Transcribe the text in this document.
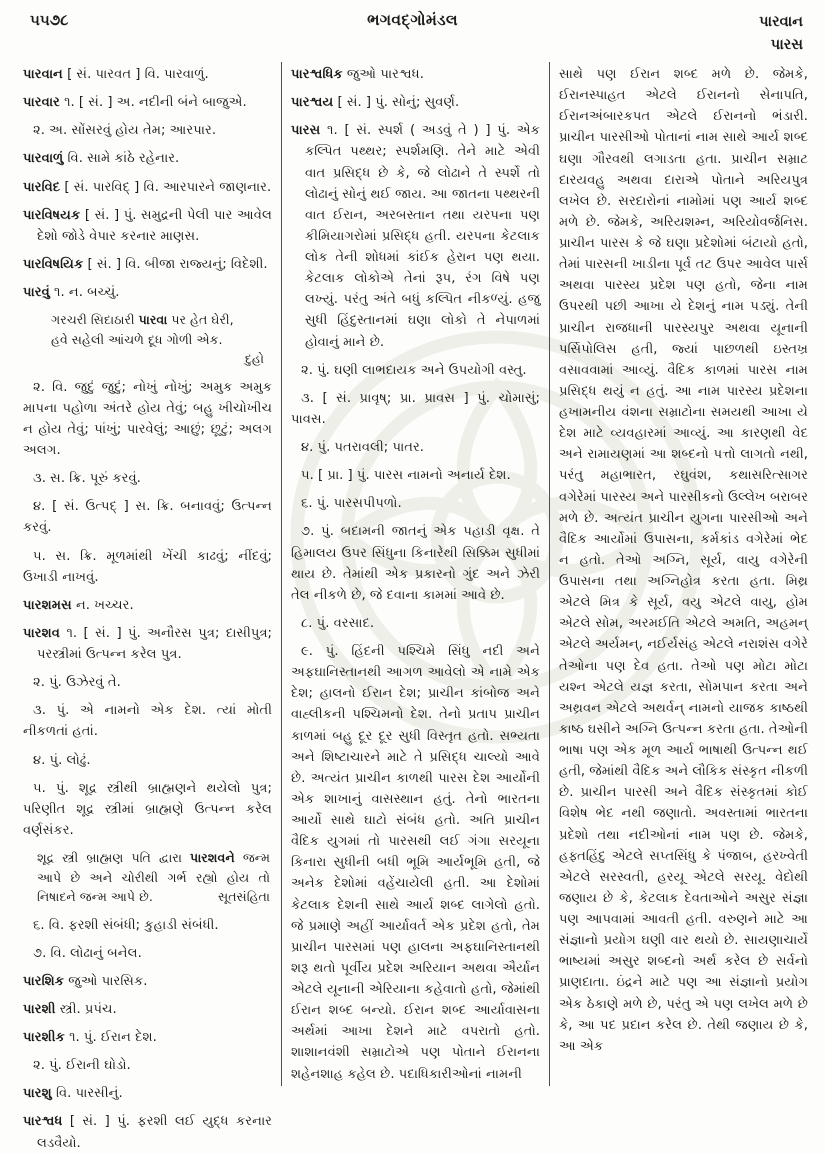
૫૫૭૮	ભગવદ્ગોમંડલ	પારવાન
પારસ

પારવાન [ સં. પારવત ] વિ. પારવાળું.

પારવાર ૧. [ સં. ] અ. નદીની બંને બાજુએ.

૨. અ. સોંસરવું હોય તેમ; આરપાર.

પારવાળું વિ. સામે કાંઠે રહેનાર.

પારવિદ [ સં. પારવિદ્ ] વિ. આરપારને જાણનાર.

પારવિષયક [ સં. ] પું. સમુદ્રની પેલી પાર આવેલ દેશો જોડે વેપાર કરનાર માણસ.

પારવિષયિક [ સં. ] વિ. બીજા રાજ્યનું; વિદેશી.

પારવું ૧. ન. બચ્ચું.

ગરચરી સિદાઠારી પારવા પર હેત ઘેરી,
હવે સહેલી આંચળે દૂધ ગોળી એક.
દુહો

૨. વિ. જુદું જુદું; નોખું નોખું; અમુક અમુક માપના પહોળા અંતરે હોય તેવું; બહુ ખીચોખીચ ન હોય તેવું; પાંખું; પારવેલું; આછું; છૂટું; અલગ અલગ.

૩. સ. ક્રિ. પૂરું કરવું.

૪. [ સં. ઉત્પદ્ ] સ. ક્રિ. બનાવવું; ઉત્પન્ન કરવું.

૫. સ. ક્રિ. મૂળમાંથી ખેંચી કાઢવું; નીંદવું; ઉખાડી નાખવું.

પારશમસ ન. ખચ્ચર.

પારશવ ૧. [ સં. ] પું. અનૌરસ પુત્ર; દાસીપુત્ર; પરસ્ત્રીમાં ઉત્પન્ન કરેલ પુત્ર.

૨. પું. ઉઝેરવું તે.

૩. પું. એ નામનો એક દેશ. ત્યાં મોતી નીકળતાં હતાં.

૪. પું. લોઢું.

૫. પું. શૂદ્ર સ્ત્રીથી બ્રાહ્મણને થયેલો પુત્ર; પરિણીત શૂદ્ર સ્ત્રીમાં બ્રાહ્મણે ઉત્પન્ન કરેલ વર્ણસંકર.

શૂદ્ર સ્ત્રી બ્રાહ્મણ પતિ દ્વારા પારશવને જન્મ આપે છે અને ચોરીથી ગર્ભ રહ્યો હોય તો નિષાદને જન્મ આપે છે.	સૂતસંહિતા

૬. વિ. ફરશી સંબંધી; કુહાડી સંબંધી.

૭. વિ. લોઢાનું બનેલ.

પારશિક જુઓ પારસિક.

પારશી સ્ત્રી. પ્રપંચ.

પારશીક ૧. પું. ઈરાન દેશ.

૨. પું. ઈરાની ઘોડો.

પારશુ વિ. પારસીનું.

પારશ્વધ [ સં. ] પું. ફરશી લઈ યુદ્ધ કરનાર લડવૈયો.

પારશ્વધિક જુઓ પારશ્વધ.

પારશ્વય [ સં. ] પું. સોનું; સુવર્ણ.

પારસ ૧. [ સં. સ્પર્શ ( અડવું તે ) ] પું. એક કલ્પિત પથ્થર; સ્પર્શમણિ. તેને માટે એવી વાત પ્રસિદ્ધ છે કે, જે લોઢાને તે સ્પર્શે તો લોઢાનું સોનું થઈ જાય. આ જાતના પથ્થરની વાત ઈરાન, અરબસ્તાન તથા યરપના પણ કીમિયાગરોમાં પ્રસિદ્ધ હતી. યરપના કેટલાક લોક તેની શોધમાં કાંઈક હેરાન પણ થયા. કેટલાક લોકોએ તેનાં રૂપ, રંગ વિષે પણ લખ્યું. પરંતુ અંતે બધું કલ્પિત નીકળ્યું. હજુ સુધી હિંદુસ્તાનમાં ઘણા લોકો તે નેપાળમાં હોવાનું માને છે.

૨. પું. ઘણી લાભદાયક અને ઉપયોગી વસ્તુ.

૩. [ સં. પ્રાવૃષ્; પ્રા. પ્રાવસ ] પું. ચોમાસું; પાવસ.

૪. પું. પતરાવલી; પાતર.

૫. [ પ્રા. ] પું. પારસ નામનો અનાર્ય દેશ.

૬. પું. પારસપીપળો.

૭. પું. બદામની જાતનું એક પહાડી વૃક્ષ. તે હિમાલય ઉપર સિંધુના કિનારેથી સિક્કિમ સુધીમાં થાય છે. તેમાંથી એક પ્રકારનો ગુંદ અને ઝેરી તેલ નીકળે છે, જે દવાના કામમાં આવે છે.

૮. પું. વરસાદ.

૯. પું. હિંદની પશ્ચિમે સિંધુ નદી અને અફઘાનિસ્તાનથી આગળ આવેલો એ નામે એક દેશ; હાલનો ઈરાન દેશ; પ્રાચીન કાંબોજ અને વાહ્લીકની પશ્ચિમનો દેશ. તેનો પ્રતાપ પ્રાચીન કાળમાં બહુ દૂર દૂર સુધી વિસ્તૃત હતો. સભ્યતા અને શિષ્ટાચારને માટે તે પ્રસિદ્ધ ચાલ્યો આવે છે. અત્યંત પ્રાચીન કાળથી પારસ દેશ આર્યોની એક શાખાનું વાસસ્થાન હતું. તેનો ભારતના આર્યો સાથે ઘાટો સંબંધ હતો. અતિ પ્રાચીન વૈદિક યુગમાં તો પારસથી લઈ ગંગા સરયૂના કિનારા સુધીની બધી ભૂમિ આર્યભૂમિ હતી, જે અનેક દેશોમાં વહેંચાયેલી હતી. આ દેશોમાં કેટલાક દેશની સાથે આર્ય શબ્દ લાગેલો હતો. જે પ્રમાણે અહીં આર્યાવર્ત એક પ્રદેશ હતો, તેમ પ્રાચીન પારસમાં પણ હાલના અફઘાનિસ્તાનથી શરૂ થતો પૂર્વીય પ્રદેશ અરિયાન અથવા ઐર્યાન એટલે યૂનાની એરિયાના કહેવાતો હતો, જેમાંથી ઈરાન શબ્દ બન્યો. ઈરાન શબ્દ આર્યાવાસના અર્થમાં આખા દેશને માટે વપરાતો હતો. શાશાનવંશી સમ્રાટોએ પણ પોતાને ઈરાનના શહેનશાહ કહેલ છે. પદાધિકારીઓનાં નામની

સાથે પણ ઈરાન શબ્દ મળે છે. જેમકે, ઈરાનસ્પાહત એટલે ઈરાનનો સેનાપતિ, ઈરાનઅંબારકપત એટલે ઈરાનનો ભંડારી. પ્રાચીન પારસીઓ પોતાનાં નામ સાથે આર્ય શબ્દ ઘણા ગૌરવથી લગાડતા હતા. પ્રાચીન સમ્રાટ દારયવહુ અથવા દારાએ પોતાને અરિયપુત્ર લખેલ છે. સરદારોનાં નામોમાં પણ આર્ય શબ્દ મળે છે. જેમકે, અરિયશમ્ન, અરિયોવર્જનિસ. પ્રાચીન પારસ કે જે ઘણા પ્રદેશોમાં બંટાયો હતો, તેમાં પારસની ખાડીના પૂર્વ તટ ઉપર આવેલ પાર્સ અથવા પારસ્ય પ્રદેશ પણ હતો, જેના નામ ઉપરથી પછી આખા યે દેશનું નામ પડ્યું. તેની પ્રાચીન રાજધાની પારસ્યપુર અથવા યૂનાની પર્સિપોલિસ હતી, જ્યાં પાછળથી ઇસ્તખ્ર વસાવવામાં આવ્યું. વૈદિક કાળમાં પારસ નામ પ્રસિદ્ધ થયું ન હતું. આ નામ પારસ્ય પ્રદેશના હખામનીય વંશના સમ્રાટોના સમયથી આખા યે દેશ માટે વ્યવહારમાં આવ્યું. આ કારણથી વેદ અને રામાયણમાં આ શબ્દનો પત્તો લાગતો નથી, પરંતુ મહાભારત, રઘુવંશ, કથાસરિત્સાગર વગેરેમાં પારસ્ય અને પારસીકનો ઉલ્લેખ બરાબર મળે છે. અત્યંત પ્રાચીન યુગના પારસીઓ અને વૈદિક આર્યોમાં ઉપાસના, કર્મકાંડ વગેરેમાં ભેદ ન હતો. તેઓ અગ્નિ, સૂર્ય, વાયુ વગેરેની ઉપાસના તથા અગ્નિહોત્ર કરતા હતા. મિથ્ર એટલે મિત્ર કે સૂર્ય, વયુ એટલે વાયુ, હોમ એટલે સોમ, અરમઈતિ એટલે અમતિ, અહમન્ એટલે અર્યમન્, નઈર્યસંહ એટલે નરાશંસ વગેરે તેઓના પણ દેવ હતા. તેઓ પણ મોટા મોટા યશ્ન એટલે યજ્ઞ કરતા, સોમપાન કરતા અને અથ્રવન એટલે અથર્વન્ નામનો યાજક કાષ્ઠથી કાષ્ઠ ઘસીને અગ્નિ ઉત્પન્ન કરતા હતા. તેઓની ભાષા પણ એક મૂળ આર્ય ભાષાથી ઉત્પન્ન થઈ હતી, જેમાંથી વૈદિક અને લૌકિક સંસ્કૃત નીકળી છે. પ્રાચીન પારસી અને વૈદિક સંસ્કૃતમાં કોઈ વિશેષ ભેદ નથી જણાતો. અવસ્તામાં ભારતના પ્રદેશો તથા નદીઓનાં નામ પણ છે. જેમકે, હફ્તહિંદુ એટલે સપ્તસિંધુ કે પંજાબ, હરખ્વેતી એટલે સરસ્વતી, હરયૂ એટલે સરયૂ. વેદોથી જણાય છે કે, કેટલાક દેવતાઓને અસુર સંજ્ઞા પણ આપવામાં આવતી હતી. વરુણને માટે આ સંજ્ઞાનો પ્રયોગ ઘણી વાર થયો છે. સાયણાચાર્યે ભાષ્યમાં અસુર શબ્દનો અર્થ કરેલ છે સર્વનો પ્રાણદાતા. ઇંદ્રને માટે પણ આ સંજ્ઞાનો પ્રયોગ એક ઠેકાણે મળે છે, પરંતુ એ પણ લખેલ મળે છે કે, આ પદ પ્રદાન કરેલ છે. તેથી જણાય છે કે, આ એક
